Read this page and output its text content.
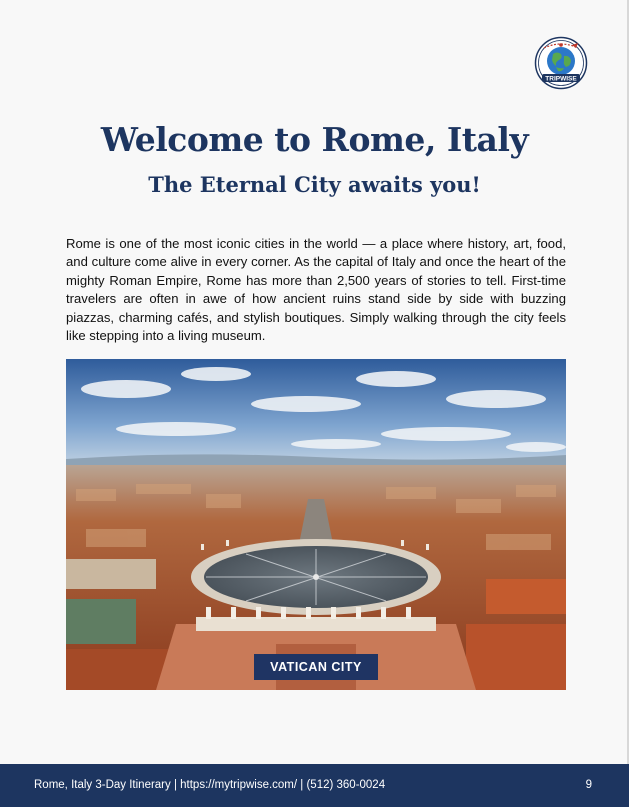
TRIPWISE
Welcome to Rome, Italy
The Eternal City awaits you!

Rome is one of the most iconic cities in the world — a place where history, art, food, and culture come alive in every corner. As the capital of Italy and once the heart of the mighty Roman Empire, Rome has more than 2,500 years of stories to tell. First-time travelers are often in awe of how ancient ruins stand side by side with buzzing piazzas, charming cafés, and stylish boutiques. Simply walking through the city feels like stepping into a living museum.

VATICAN CITY
Rome, Italy 3-Day Itinerary | https://mytripwise.com/ | (512) 360-0024	9
